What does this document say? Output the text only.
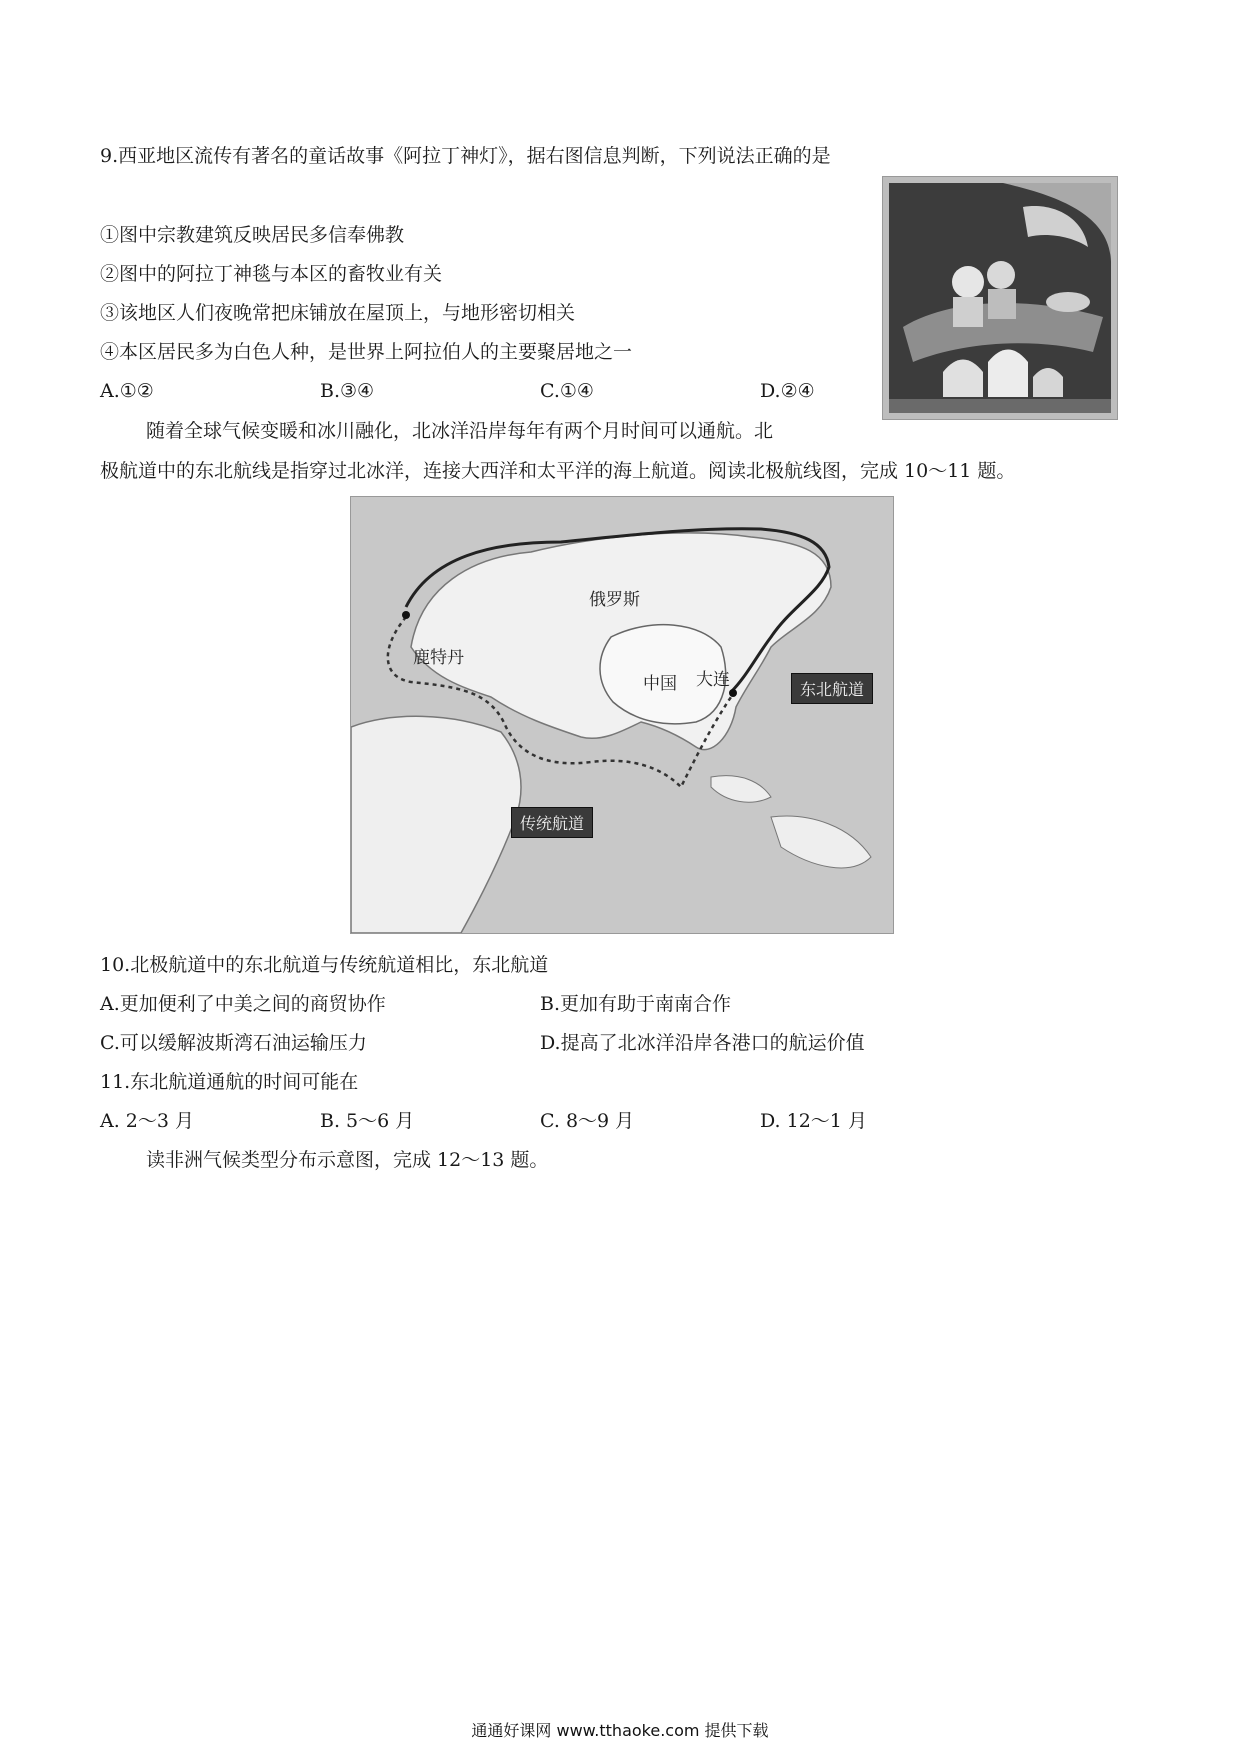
9.西亚地区流传有著名的童话故事《阿拉丁神灯》，据右图信息判断，下列说法正确的是
①图中宗教建筑反映居民多信奉佛教
②图中的阿拉丁神毯与本区的畜牧业有关
③该地区人们夜晚常把床铺放在屋顶上，与地形密切相关
④本区居民多为白色人种，是世界上阿拉伯人的主要聚居地之一
A.①②	B.③④	C.①④	D.②④
随着全球气候变暖和冰川融化，北冰洋沿岸每年有两个月时间可以通航。北
极航道中的东北航线是指穿过北冰洋，连接大西洋和太平洋的海上航道。阅读北极航线图，完成 10～11 题。
俄罗斯
鹿特丹
大连
中国	东北航道
传统航道
10.北极航道中的东北航道与传统航道相比，东北航道
A.更加便利了中美之间的商贸协作	B.更加有助于南南合作
C.可以缓解波斯湾石油运输压力	D.提高了北冰洋沿岸各港口的航运价值
11.东北航道通航的时间可能在
A. 2～3 月	B. 5～6 月	C. 8～9 月	D. 12～1 月
读非洲气候类型分布示意图，完成 12～13 题。
通通好课网 www.tthaoke.com 提供下载
